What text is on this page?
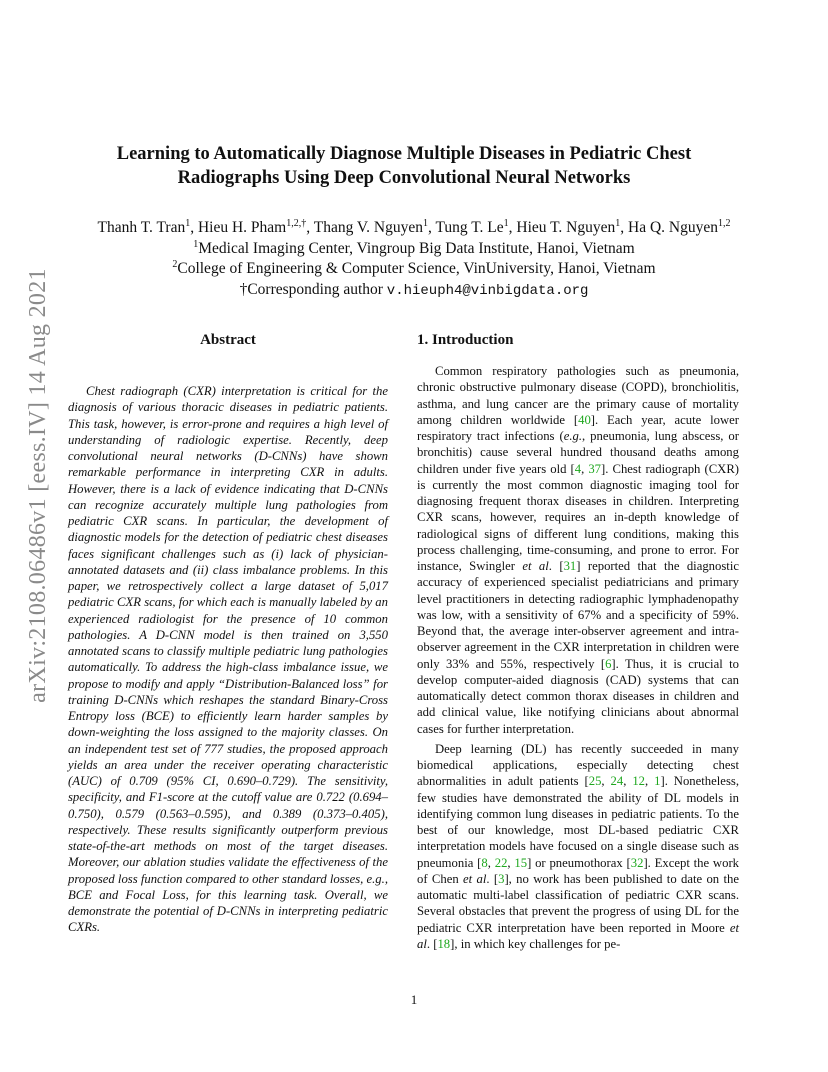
arXiv:2108.06486v1 [eess.IV] 14 Aug 2021
Learning to Automatically Diagnose Multiple Diseases in Pediatric Chest Radiographs Using Deep Convolutional Neural Networks
Thanh T. Tran$^1$, Hieu H. Pham$^{1,2,\dagger}$, Thang V. Nguyen$^1$, Tung T. Le$^1$, Hieu T. Nguyen$^1$, Ha Q. Nguyen$^{1,2}$
$^1$Medical Imaging Center, Vingroup Big Data Institute, Hanoi, Vietnam
$^2$College of Engineering & Computer Science, VinUniversity, Hanoi, Vietnam
†Corresponding author v.hieuph4@vinbigdata.org
Abstract

Chest radiograph (CXR) interpretation is critical for the diagnosis of various thoracic diseases in pediatric patients. This task, however, is error-prone and requires a high level of understanding of radiologic expertise. Recently, deep convolutional neural networks (D-CNNs) have shown remarkable performance in interpreting CXR in adults. However, there is a lack of evidence indicating that D-CNNs can recognize accurately multiple lung pathologies from pediatric CXR scans. In particular, the development of diagnostic models for the detection of pediatric chest diseases faces significant challenges such as (i) lack of physician-annotated datasets and (ii) class imbalance problems. In this paper, we retrospectively collect a large dataset of 5,017 pediatric CXR scans, for which each is manually labeled by an experienced radiologist for the presence of 10 common pathologies. A D-CNN model is then trained on 3,550 annotated scans to classify multiple pediatric lung pathologies automatically. To address the high-class imbalance issue, we propose to modify and apply “Distribution-Balanced loss” for training D-CNNs which reshapes the standard Binary-Cross Entropy loss (BCE) to efficiently learn harder samples by down-weighting the loss assigned to the majority classes. On an independent test set of 777 studies, the proposed approach yields an area under the receiver operating characteristic (AUC) of 0.709 (95% CI, 0.690–0.729). The sensitivity, specificity, and F1-score at the cutoff value are 0.722 (0.694–0.750), 0.579 (0.563–0.595), and 0.389 (0.373–0.405), respectively. These results significantly outperform previous state-of-the-art methods on most of the target diseases. Moreover, our ablation studies validate the effectiveness of the proposed loss function compared to other standard losses, e.g., BCE and Focal Loss, for this learning task. Overall, we demonstrate the potential of D-CNNs in interpreting pediatric CXRs.

1. Introduction

Common respiratory pathologies such as pneumonia, chronic obstructive pulmonary disease (COPD), bronchiolitis, asthma, and lung cancer are the primary cause of mortality among children worldwide [40]. Each year, acute lower respiratory tract infections (e.g., pneumonia, lung abscess, or bronchitis) cause several hundred thousand deaths among children under five years old [4, 37]. Chest radiograph (CXR) is currently the most common diagnostic imaging tool for diagnosing frequent thorax diseases in children. Interpreting CXR scans, however, requires an in-depth knowledge of radiological signs of different lung conditions, making this process challenging, time-consuming, and prone to error. For instance, Swingler et al. [31] reported that the diagnostic accuracy of experienced specialist pediatricians and primary level practitioners in detecting radiographic lymphadenopathy was low, with a sensitivity of 67% and a specificity of 59%. Beyond that, the average inter-observer agreement and intra-observer agreement in the CXR interpretation in children were only 33% and 55%, respectively [6]. Thus, it is crucial to develop computer-aided diagnosis (CAD) systems that can automatically detect common thorax diseases in children and add clinical value, like notifying clinicians about abnormal cases for further interpretation.

Deep learning (DL) has recently succeeded in many biomedical applications, especially detecting chest abnormalities in adult patients [25, 24, 12, 1]. Nonetheless, few studies have demonstrated the ability of DL models in identifying common lung diseases in pediatric patients. To the best of our knowledge, most DL-based pediatric CXR interpretation models have focused on a single disease such as pneumonia [8, 22, 15] or pneumothorax [32]. Except the work of Chen et al. [3], no work has been published to date on the automatic multi-label classification of pediatric CXR scans. Several obstacles that prevent the progress of using DL for the pediatric CXR interpretation have been reported in Moore et al. [18], in which key challenges for pe-

1
